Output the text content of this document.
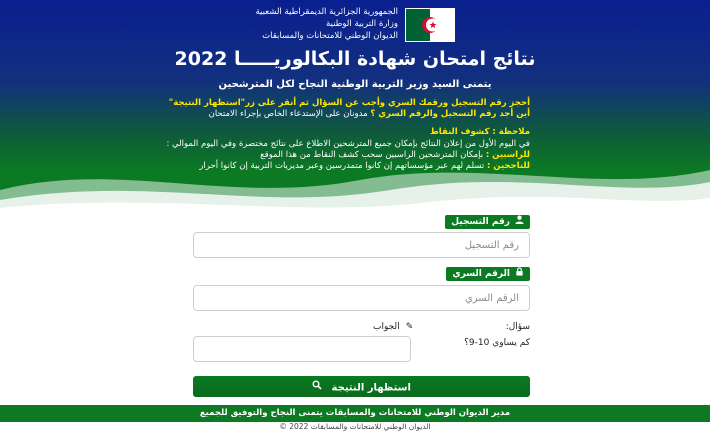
الجمهورية الجزائرية الديمقراطية الشعبية
وزارة التربية الوطنية
الديوان الوطني للامتحانات والمسابقات
نتائج امتحان شهادة البكالوريـــــا 2022
يتمنى السيد وزير التربية الوطنية النجاح لكل المترشحين
أحجز رقم التسجيل ورقمك السري وأجب عن السؤال ثم أنقر على زر"استظهار النتيجة"
أين أجد رقم التسجيل والرقم السري ؟ مدونان على الإستدعاء الخاص بإجراء الامتحان
ملاحظة : كشوف النقاط
في اليوم الأول من إعلان النتائج بإمكان جميع المترشحين الاطلاع على نتائج مختصرة وفي اليوم الموالي :
للراسبين : بإمكان المترشحين الراسبين سحب كشف النقاط من هذا الموقع
للناجحين : تسلم لهم عبر مؤسساتهم إن كانوا متمدرسين وعبر مديريات التربية إن كانوا أحرار
رقم التسجيل
رقم التسجيل
الرقم السري
الرقم السري
سؤال:
كم يساوي 10-9؟
✎الجواب
استظهار النتيجة
مدير الديوان الوطني للامتحانات والمسابقات يتمنى النجاح والتوفيق للجميع
الديوان الوطني للامتحانات والمسابقات 2022 ©
